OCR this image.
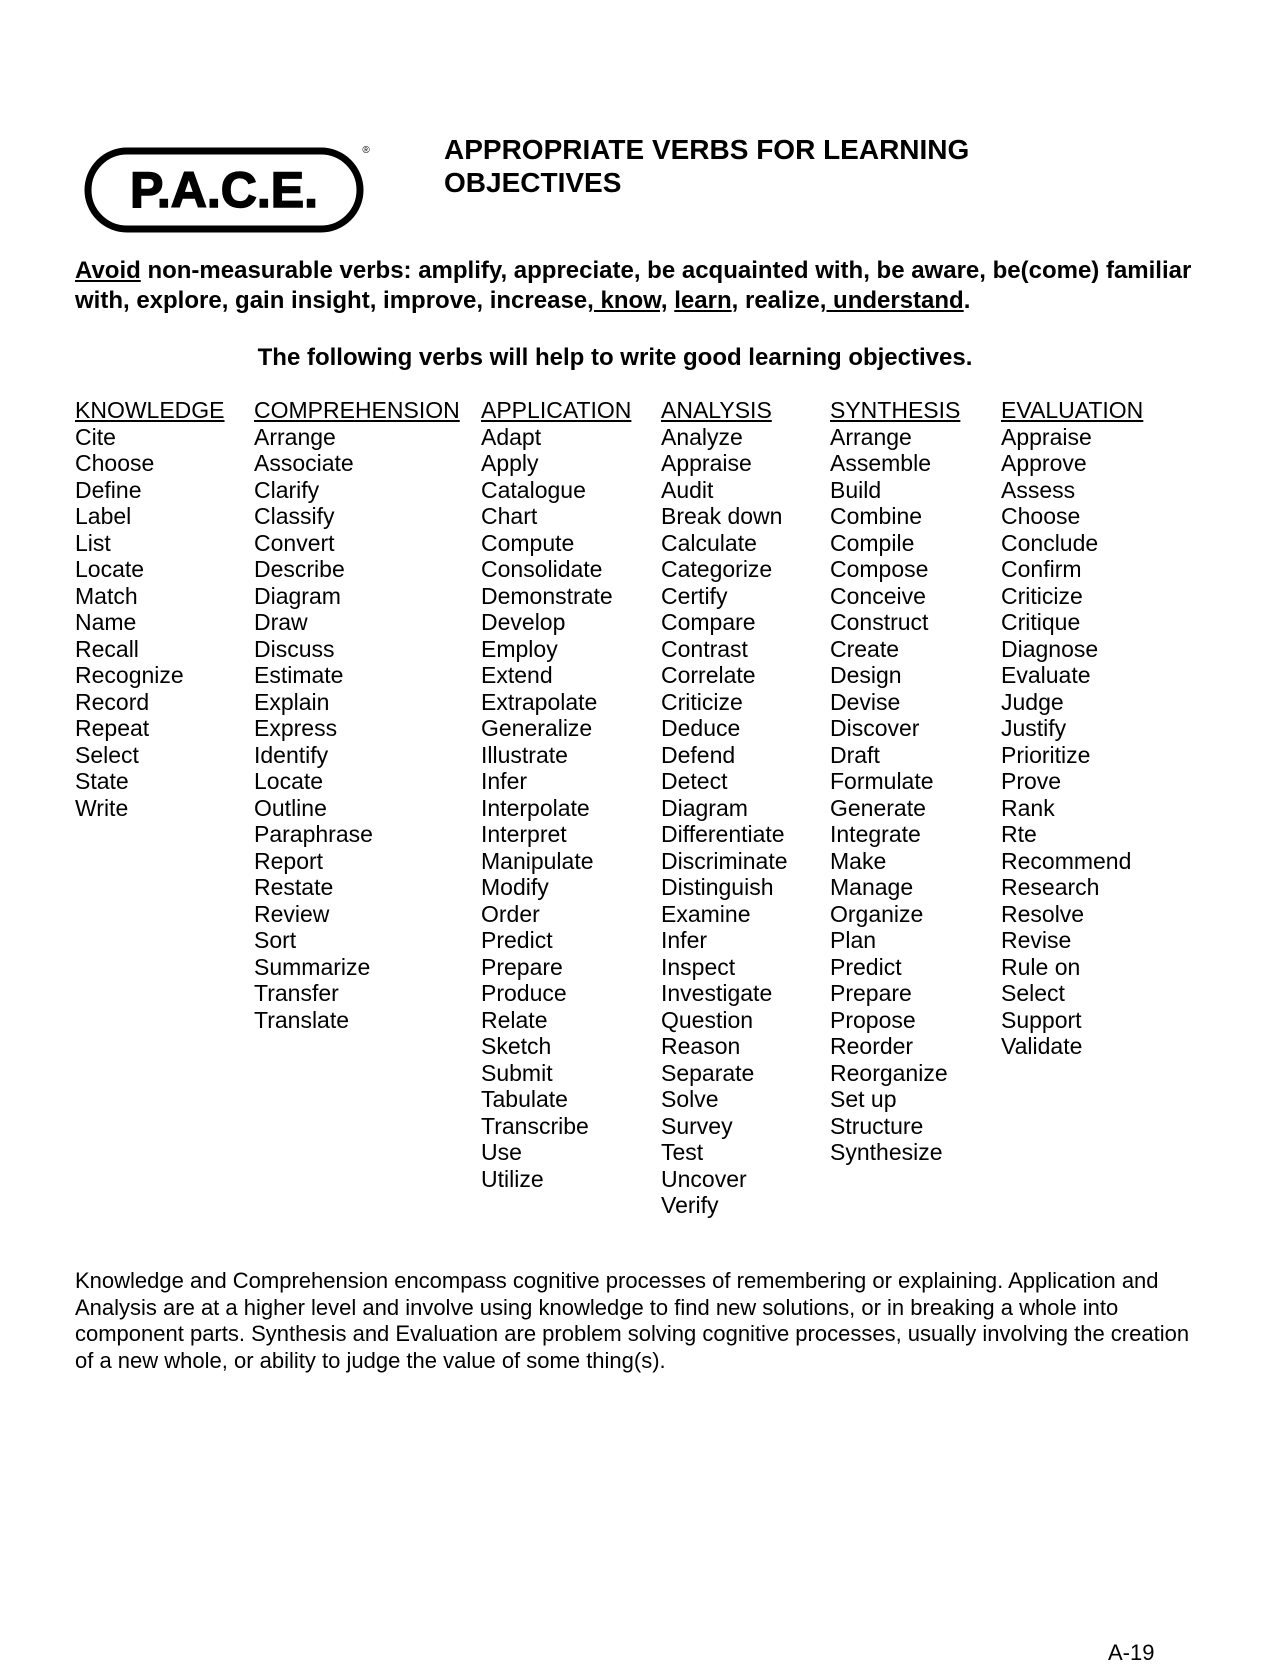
P.A.C.E.
®	APPROPRIATE VERBS FOR LEARNING
OBJECTIVES

Avoid non-measurable verbs: amplify, appreciate, be acquainted with, be aware, be(come) familiar with, explore, gain insight, improve, increase, know, learn, realize, understand.

The following verbs will help to write good learning objectives.

KNOWLEDGE
Cite
Choose
Define
Label
List
Locate
Match
Name
Recall
Recognize
Record
Repeat
Select
State
Write
COMPREHENSION
Arrange
Associate
Clarify
Classify
Convert
Describe
Diagram
Draw
Discuss
Estimate
Explain
Express
Identify
Locate
Outline
Paraphrase
Report
Restate
Review
Sort
Summarize
Transfer
Translate
APPLICATION
Adapt
Apply
Catalogue
Chart
Compute
Consolidate
Demonstrate
Develop
Employ
Extend
Extrapolate
Generalize
Illustrate
Infer
Interpolate
Interpret
Manipulate
Modify
Order
Predict
Prepare
Produce
Relate
Sketch
Submit
Tabulate
Transcribe
Use
Utilize
ANALYSIS
Analyze
Appraise
Audit
Break down
Calculate
Categorize
Certify
Compare
Contrast
Correlate
Criticize
Deduce
Defend
Detect
Diagram
Differentiate
Discriminate
Distinguish
Examine
Infer
Inspect
Investigate
Question
Reason
Separate
Solve
Survey
Test
Uncover
Verify
SYNTHESIS
Arrange
Assemble
Build
Combine
Compile
Compose
Conceive
Construct
Create
Design
Devise
Discover
Draft
Formulate
Generate
Integrate
Make
Manage
Organize
Plan
Predict
Prepare
Propose
Reorder
Reorganize
Set up
Structure
Synthesize
EVALUATION
Appraise
Approve
Assess
Choose
Conclude
Confirm
Criticize
Critique
Diagnose
Evaluate
Judge
Justify
Prioritize
Prove
Rank
Rte
Recommend
Research
Resolve
Revise
Rule on
Select
Support
Validate

Knowledge and Comprehension encompass cognitive processes of remembering or explaining. Application and Analysis are at a higher level and involve using knowledge to find new solutions, or in breaking a whole into component parts. Synthesis and Evaluation are problem solving cognitive processes, usually involving the creation of a new whole, or ability to judge the value of some thing(s).

A-19
